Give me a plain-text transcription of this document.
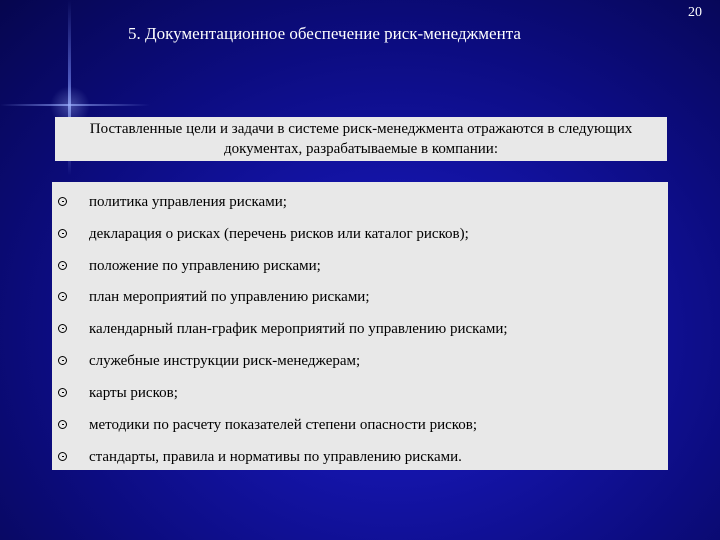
5. Документационное обеспечение риск-менеджмента
20
Поставленные цели и задачи в системе риск-менеджмента отражаются в следующих документах, разрабатываемые в компании:
политика управления рисками;
декларация о рисках (перечень рисков или каталог рисков);
положение по управлению рисками;
план мероприятий по управлению рисками;
календарный план-график мероприятий по управлению рисками;
служебные инструкции риск-менеджерам;
карты рисков;
методики по расчету показателей степени опасности рисков;
стандарты, правила и нормативы по управлению рисками.
